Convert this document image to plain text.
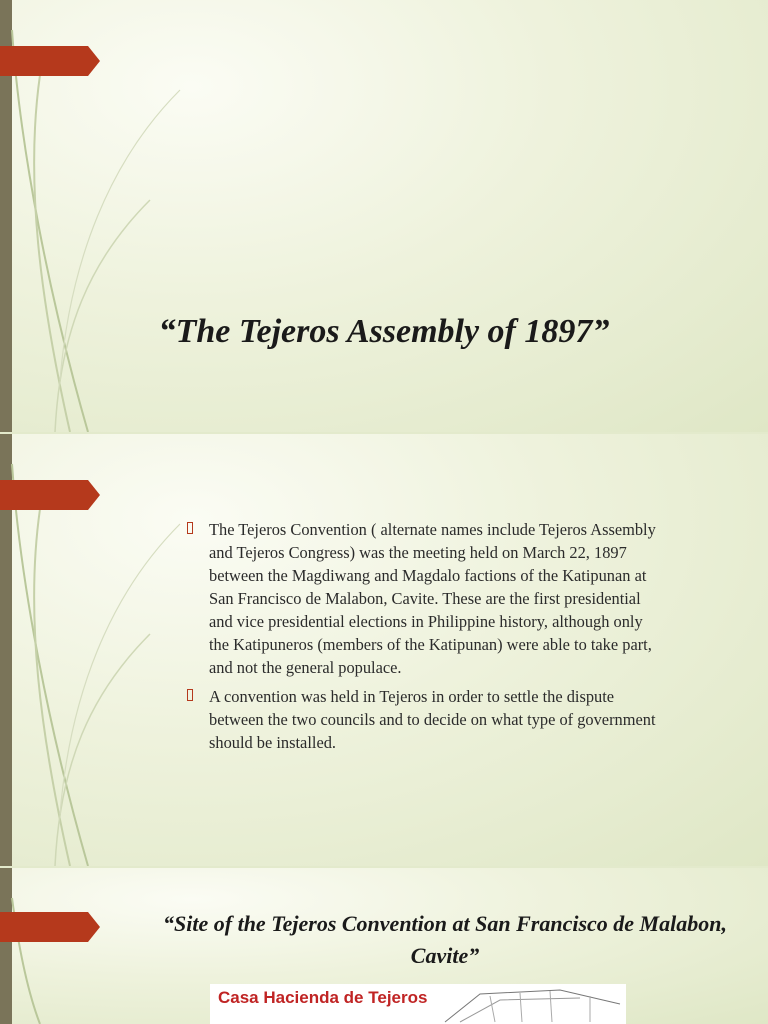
“The Tejeros Assembly of 1897”
The Tejeros Convention ( alternate names include Tejeros Assembly and Tejeros Congress) was the meeting held on March 22, 1897 between the Magdiwang and Magdalo factions of the Katipunan at San Francisco de Malabon, Cavite. These are the first presidential and vice presidential elections in Philippine history, although only the Katipuneros (members of the Katipunan) were able to take part, and not the general populace.
A convention was held in Tejeros in order to settle the dispute between the two councils and to decide on what type of government should be installed.
“Site of the Tejeros Convention at San Francisco de Malabon, Cavite”
Casa Hacienda de Tejeros
